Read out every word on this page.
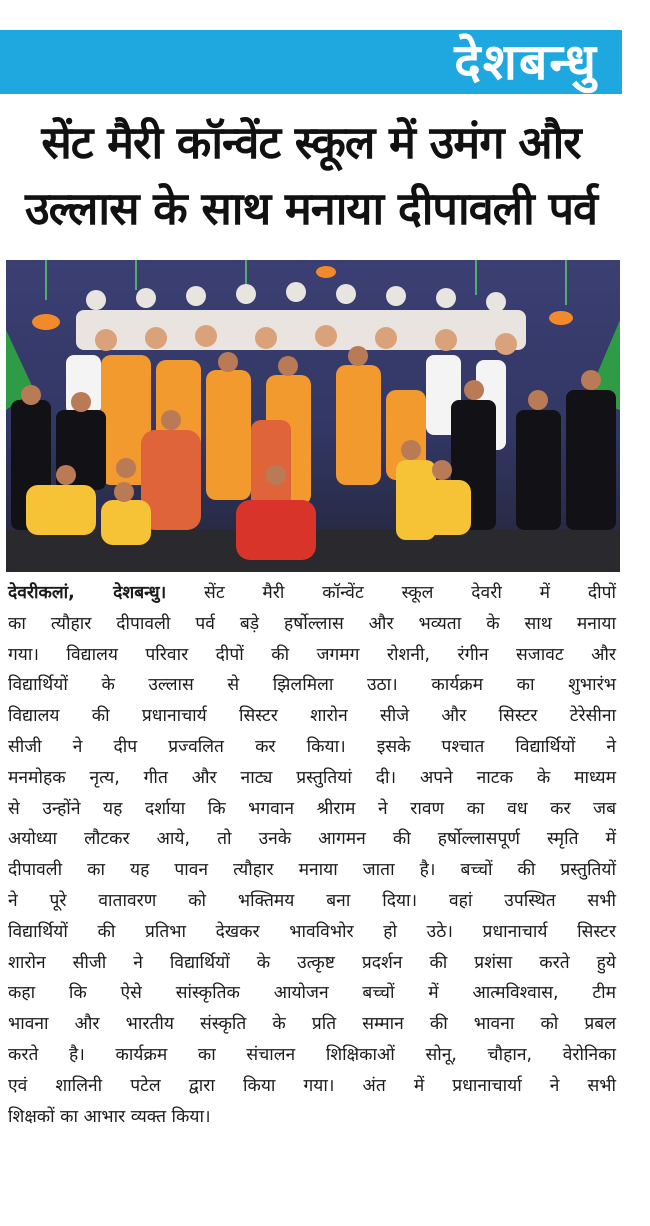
देशबन्धु
सेंट मैरी कॉन्वेंट स्कूल में उमंग और
उल्लास के साथ मनाया दीपावली पर्व
देवरीकलां, देशबन्धु। सेंट मैरी कॉन्वेंट स्कूल देवरी में दीपों
का त्यौहार दीपावली पर्व बड़े हर्षोल्लास और भव्यता के साथ मनाया
गया। विद्यालय परिवार दीपों की जगमग रोशनी, रंगीन सजावट और
विद्यार्थियों के उल्लास से झिलमिला उठा। कार्यक्रम का शुभारंभ
विद्यालय की प्रधानाचार्य सिस्टर शारोन सीजे और सिस्टर टेरेसीना
सीजी ने दीप प्रज्वलित कर किया। इसके पश्चात विद्यार्थियों ने
मनमोहक नृत्य, गीत और नाट्य प्रस्तुतियां दी। अपने नाटक के माध्यम
से उन्होंने यह दर्शाया कि भगवान श्रीराम ने रावण का वध कर जब
अयोध्या लौटकर आये, तो उनके आगमन की हर्षोल्लासपूर्ण स्मृति में
दीपावली का यह पावन त्यौहार मनाया जाता है। बच्चों की प्रस्तुतियों
ने पूरे वातावरण को भक्तिमय बना दिया। वहां उपस्थित सभी
विद्यार्थियों की प्रतिभा देखकर भावविभोर हो उठे। प्रधानाचार्य सिस्टर
शारोन सीजी ने विद्यार्थियों के उत्कृष्ट प्रदर्शन की प्रशंसा करते हुये
कहा कि ऐसे सांस्कृतिक आयोजन बच्चों में आत्मविश्वास, टीम
भावना और भारतीय संस्कृति के प्रति सम्मान की भावना को प्रबल
करते है। कार्यक्रम का संचालन शिक्षिकाओं सोनू, चौहान, वेरोनिका
एवं शालिनी पटेल द्वारा किया गया। अंत में प्रधानाचार्या ने सभी
शिक्षकों का आभार व्यक्त किया।
